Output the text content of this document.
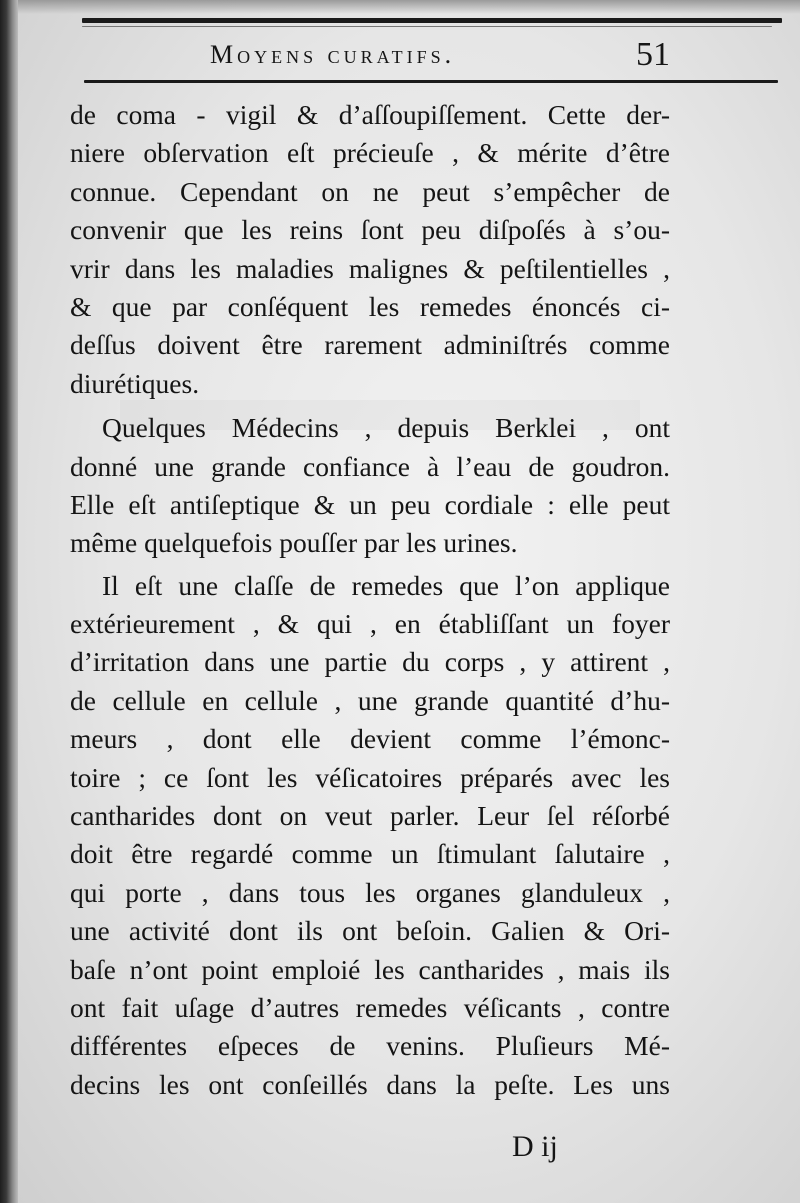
Moyens curatifs.	51
de coma - vigil & d’aſſoupiſſement. Cette der-
niere obſervation eſt précieuſe , & mérite d’être
connue. Cependant on ne peut s’empêcher de
convenir que les reins ſont peu diſpoſés à s’ou-
vrir dans les maladies malignes & peſtilentielles ,
& que par conſéquent les remedes énoncés ci-
deſſus doivent être rarement adminiſtrés comme
diurétiques.
Quelques Médecins , depuis Berklei , ont
donné une grande confiance à l’eau de goudron.
Elle eſt antiſeptique & un peu cordiale : elle peut
même quelquefois pouſſer par les urines.
Il eſt une claſſe de remedes que l’on applique
extérieurement , & qui , en établiſſant un foyer
d’irritation dans une partie du corps , y attirent ,
de cellule en cellule , une grande quantité d’hu-
meurs , dont elle devient comme l’émonc-
toire ; ce ſont les véſicatoires préparés avec les
cantharides dont on veut parler. Leur ſel réſorbé
doit être regardé comme un ſtimulant ſalutaire ,
qui porte , dans tous les organes glanduleux ,
une activité dont ils ont beſoin. Galien & Ori-
baſe n’ont point emploié les cantharides , mais ils
ont fait uſage d’autres remedes véſicants , contre
différentes eſpeces de venins. Pluſieurs Mé-
decins les ont conſeillés dans la peſte. Les uns
D ij
